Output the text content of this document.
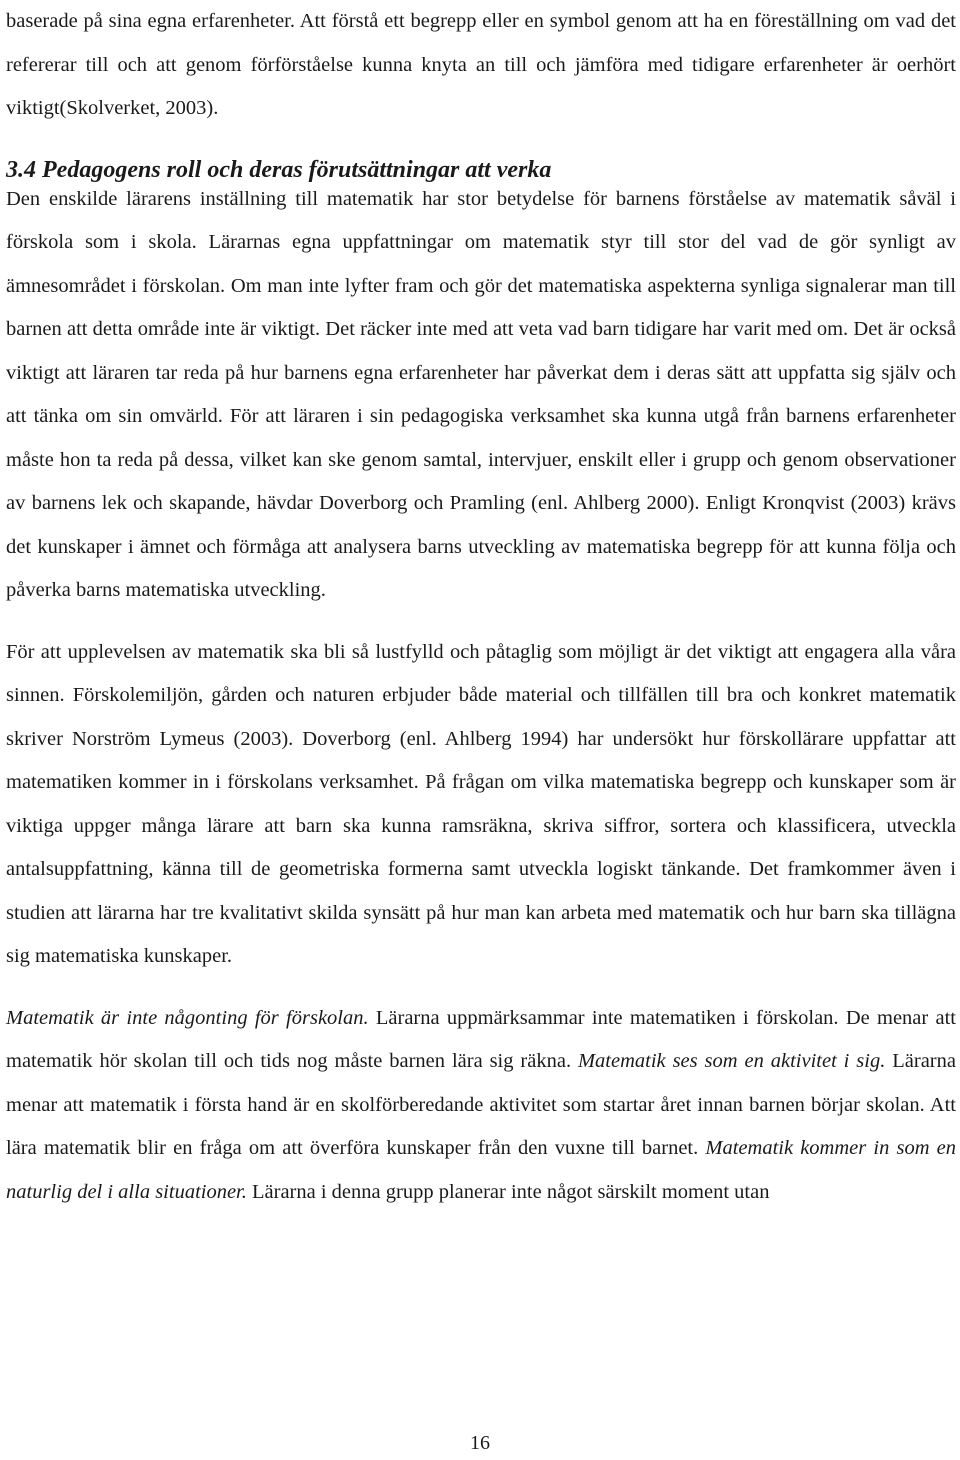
baserade på sina egna erfarenheter. Att förstå ett begrepp eller en symbol genom att ha en föreställning om vad det refererar till och att genom förförståelse kunna knyta an till och jämföra med tidigare erfarenheter är oerhört viktigt(Skolverket, 2003).

3.4 Pedagogens roll och deras förutsättningar att verka

Den enskilde lärarens inställning till matematik har stor betydelse för barnens förståelse av matematik såväl i förskola som i skola. Lärarnas egna uppfattningar om matematik styr till stor del vad de gör synligt av ämnesområdet i förskolan. Om man inte lyfter fram och gör det matematiska aspekterna synliga signalerar man till barnen att detta område inte är viktigt. Det räcker inte med att veta vad barn tidigare har varit med om. Det är också viktigt att läraren tar reda på hur barnens egna erfarenheter har påverkat dem i deras sätt att uppfatta sig själv och att tänka om sin omvärld. För att läraren i sin pedagogiska verksamhet ska kunna utgå från barnens erfarenheter måste hon ta reda på dessa, vilket kan ske genom samtal, intervjuer, enskilt eller i grupp och genom observationer av barnens lek och skapande, hävdar Doverborg och Pramling (enl. Ahlberg 2000). Enligt Kronqvist (2003) krävs det kunskaper i ämnet och förmåga att analysera barns utveckling av matematiska begrepp för att kunna följa och påverka barns matematiska utveckling.

För att upplevelsen av matematik ska bli så lustfylld och påtaglig som möjligt är det viktigt att engagera alla våra sinnen. Förskolemiljön, gården och naturen erbjuder både material och tillfällen till bra och konkret matematik skriver Norström Lymeus (2003). Doverborg (enl. Ahlberg 1994) har undersökt hur förskollärare uppfattar att matematiken kommer in i förskolans verksamhet. På frågan om vilka matematiska begrepp och kunskaper som är viktiga uppger många lärare att barn ska kunna ramsräkna, skriva siffror, sortera och klassificera, utveckla antalsuppfattning, känna till de geometriska formerna samt utveckla logiskt tänkande. Det framkommer även i studien att lärarna har tre kvalitativt skilda synsätt på hur man kan arbeta med matematik och hur barn ska tillägna sig matematiska kunskaper.

Matematik är inte någonting för förskolan. Lärarna uppmärksammar inte matematiken i förskolan. De menar att matematik hör skolan till och tids nog måste barnen lära sig räkna. Matematik ses som en aktivitet i sig. Lärarna menar att matematik i första hand är en skolförberedande aktivitet som startar året innan barnen börjar skolan. Att lära matematik blir en fråga om att överföra kunskaper från den vuxne till barnet. Matematik kommer in som en naturlig del i alla situationer. Lärarna i denna grupp planerar inte något särskilt moment utan

16
